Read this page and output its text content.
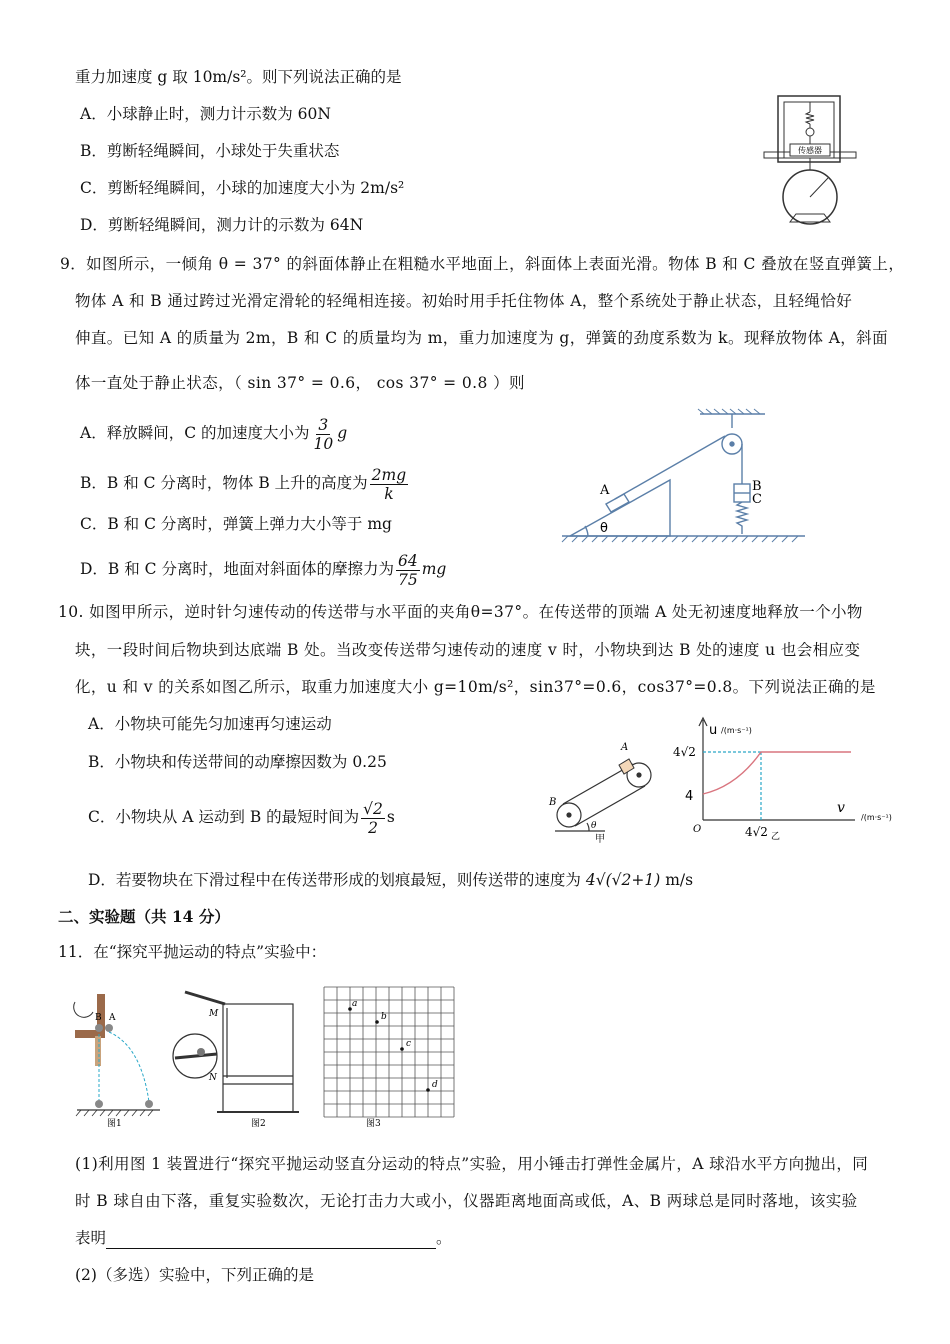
重力加速度 g 取 10m/s²。则下列说法正确的是
A．小球静止时，测力计示数为 60N
B．剪断轻绳瞬间，小球处于失重状态
C．剪断轻绳瞬间，小球的加速度大小为 2m/s²
D．剪断轻绳瞬间，测力计的示数为 64N
传感器
9．如图所示，一倾角 θ = 37° 的斜面体静止在粗糙水平地面上，斜面体上表面光滑。物体 B 和 C 叠放在竖直弹簧上，
物体 A 和 B 通过跨过光滑定滑轮的轻绳相连接。初始时用手托住物体 A，整个系统处于静止状态，且轻绳恰好
伸直。已知 A 的质量为 2m，B 和 C 的质量均为 m，重力加速度为 g，弹簧的劲度系数为 k。现释放物体 A，斜面
体一直处于静止状态，（ sin 37° = 0.6， cos 37° = 0.8 ）则
A．释放瞬间，C 的加速度大小为 $\frac{3}{10}$ g
B．B 和 C 分离时，物体 B 上升的高度为 $\frac{2mg}{k}$
C．B 和 C 分离时，弹簧上弹力大小等于 mg
D．B 和 C 分离时，地面对斜面体的摩擦力为 $\frac{64}{75}$ mg
A	B
C
θ
10. 如图甲所示，逆时针匀速传动的传送带与水平面的夹角θ=37°。在传送带的顶端 A 处无初速度地释放一个小物
块，一段时间后物块到达底端 B 处。当改变传送带匀速传动的速度 v 时，小物块到达 B 处的速度 u 也会相应变
化，u 和 v 的关系如图乙所示，取重力加速度大小 g=10m/s²，sin37°=0.6，cos37°=0.8。下列说法正确的是
A．小物块可能先匀加速再匀速运动
B．小物块和传送带间的动摩擦因数为 0.25
C．小物块从 A 运动到 B 的最短时间为 $\frac{√2}{2}$ s
D．若要物块在下滑过程中在传送带形成的划痕最短，则传送带的速度为 4√(√2+1) m/s
A
B
θ
甲
u /(m·s⁻¹)
4√2
4
O	4√2 乙
v
/(m·s⁻¹)
二、实验题（共 14 分）
11．在“探究平抛运动的特点”实验中：
B A
图1
M
N
图2
a
b
c
d
图3
(1)利用图 1 装置进行“探究平抛运动竖直分运动的特点”实验，用小锤击打弹性金属片，A 球沿水平方向抛出，同
时 B 球自由下落，重复实验数次，无论打击力大或小，仪器距离地面高或低，A、B 两球总是同时落地，该实验
表明	。
(2)（多选）实验中，下列正确的是
